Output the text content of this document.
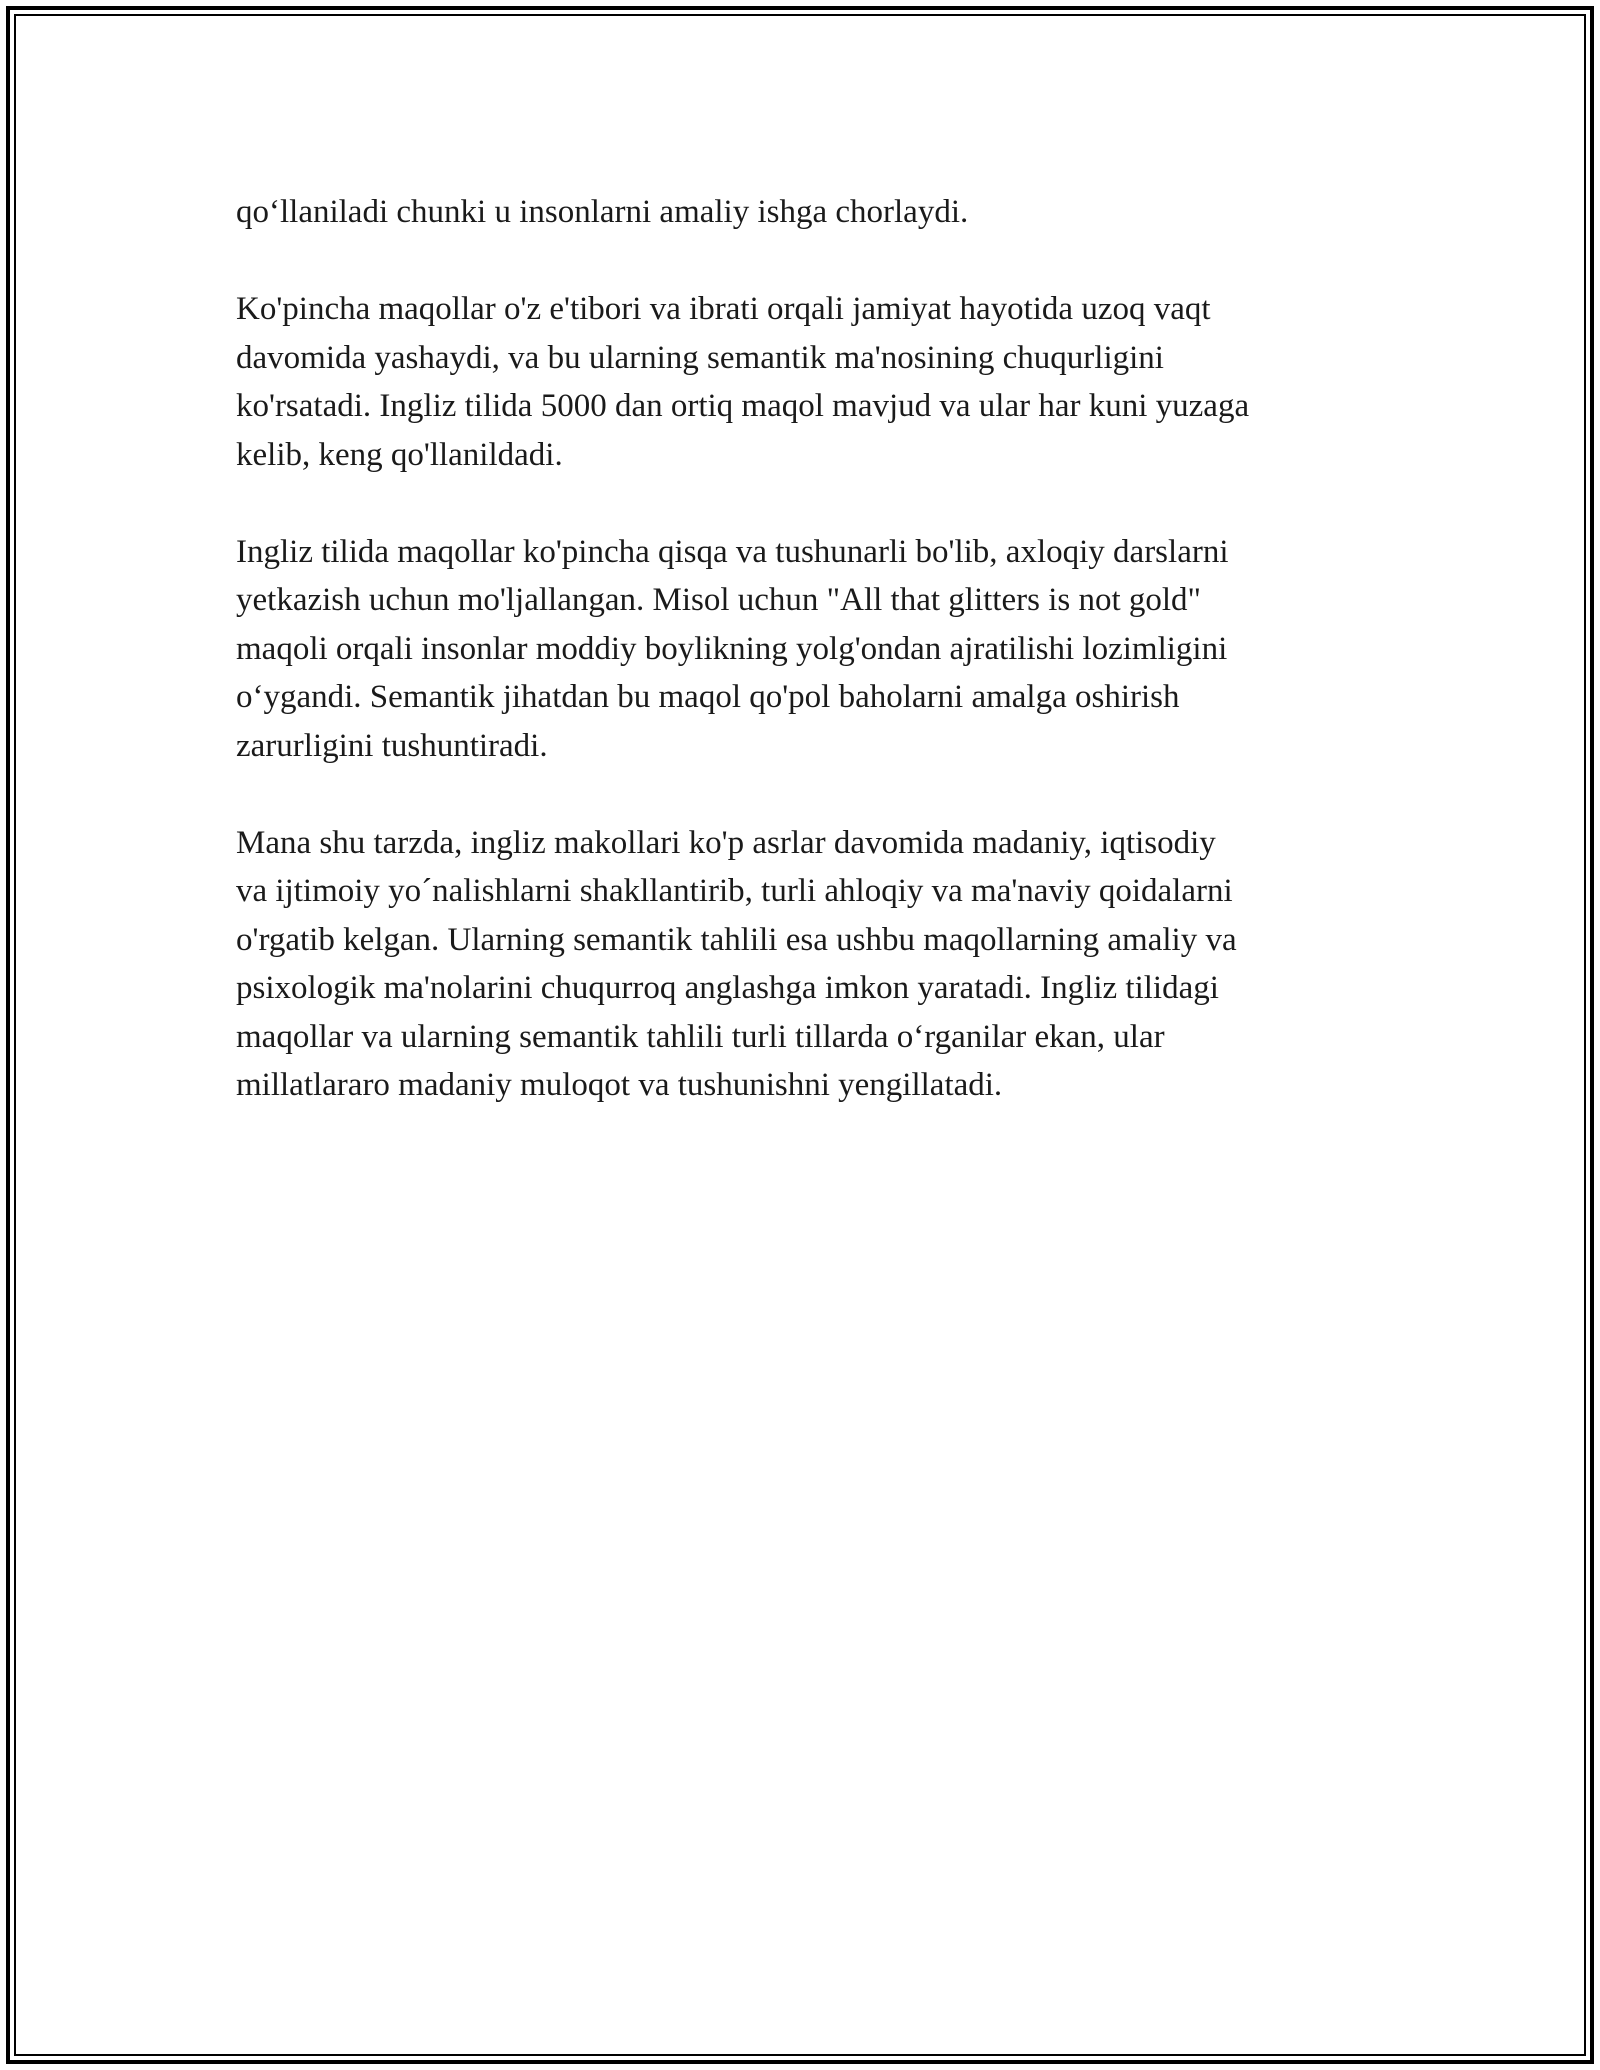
qo‘llaniladi chunki u insonlarni amaliy ishga chorlaydi.

Ko'pincha maqollar o'z e'tibori va ibrati orqali jamiyat hayotida uzoq vaqt
davomida yashaydi, va bu ularning semantik ma'nosining chuqurligini
ko'rsatadi. Ingliz tilida 5000 dan ortiq maqol mavjud va ular har kuni yuzaga
kelib, keng qo'llanildadi.

Ingliz tilida maqollar ko'pincha qisqa va tushunarli bo'lib, axloqiy darslarni
yetkazish uchun mo'ljallangan. Misol uchun "All that glitters is not gold"
maqoli orqali insonlar moddiy boylikning yolg'ondan ajratilishi lozimligini
o‘ygandi. Semantik jihatdan bu maqol qo'pol baholarni amalga oshirish
zarurligini tushuntiradi.

Mana shu tarzda, ingliz makollari ko'p asrlar davomida madaniy, iqtisodiy
va ijtimoiy yo´nalishlarni shakllantirib, turli ahloqiy va ma'naviy qoidalarni
o'rgatib kelgan. Ularning semantik tahlili esa ushbu maqollarning amaliy va
psixologik ma'nolarini chuqurroq anglashga imkon yaratadi. Ingliz tilidagi
maqollar va ularning semantik tahlili turli tillarda o‘rganilar ekan, ular
millatlararo madaniy muloqot va tushunishni yengillatadi.
